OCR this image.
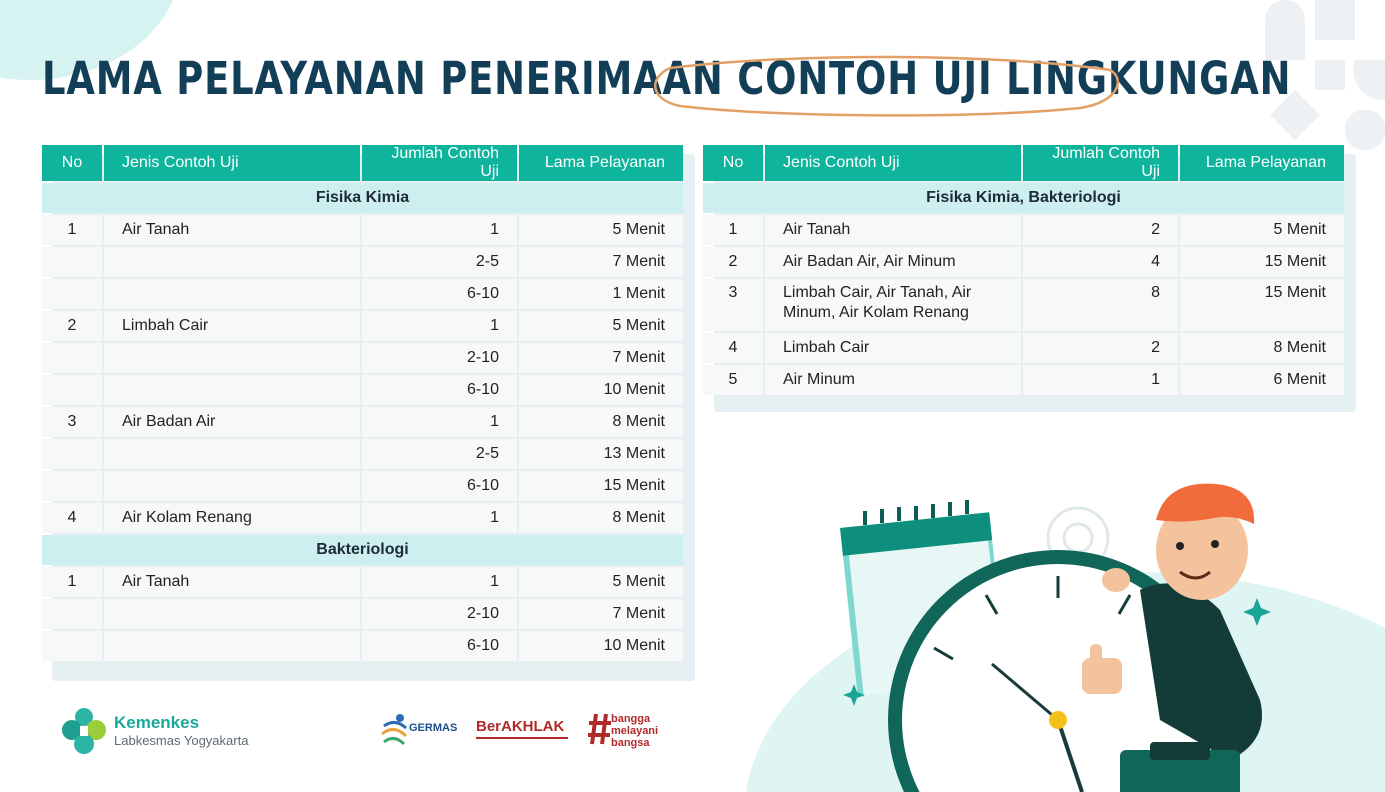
LAMA PELAYANAN PENERIMAAN CONTOH UJI LINGKUNGAN
No	Jenis Contoh Uji	Jumlah Contoh Uji	Lama Pelayanan
Fisika Kimia			
1	Air Tanah	1	5 Menit
		2-5	7 Menit
		6-10	1 Menit
2	Limbah Cair	1	5 Menit
		2-10	7 Menit
		6-10	10 Menit
3	Air Badan Air	1	8 Menit
		2-5	13 Menit
		6-10	15 Menit
4	Air Kolam Renang	1	8 Menit
Bakteriologi			
1	Air Tanah	1	5 Menit
		2-10	7 Menit
		6-10	10 Menit
No	Jenis Contoh Uji	Jumlah Contoh Uji	Lama Pelayanan
Fisika Kimia, Bakteriologi			
1	Air Tanah	2	5 Menit
2	Air Badan Air, Air Minum	4	15 Menit
3	Limbah Cair, Air Tanah, Air Minum, Air Kolam Renang	8	15 Menit
4	Limbah Cair	2	8 Menit
5	Air Minum	1	6 Menit
Kemenkes
Labkesmas Yogyakarta
GERMAS BerAKHLAK	bangga
melayani
bangsa
